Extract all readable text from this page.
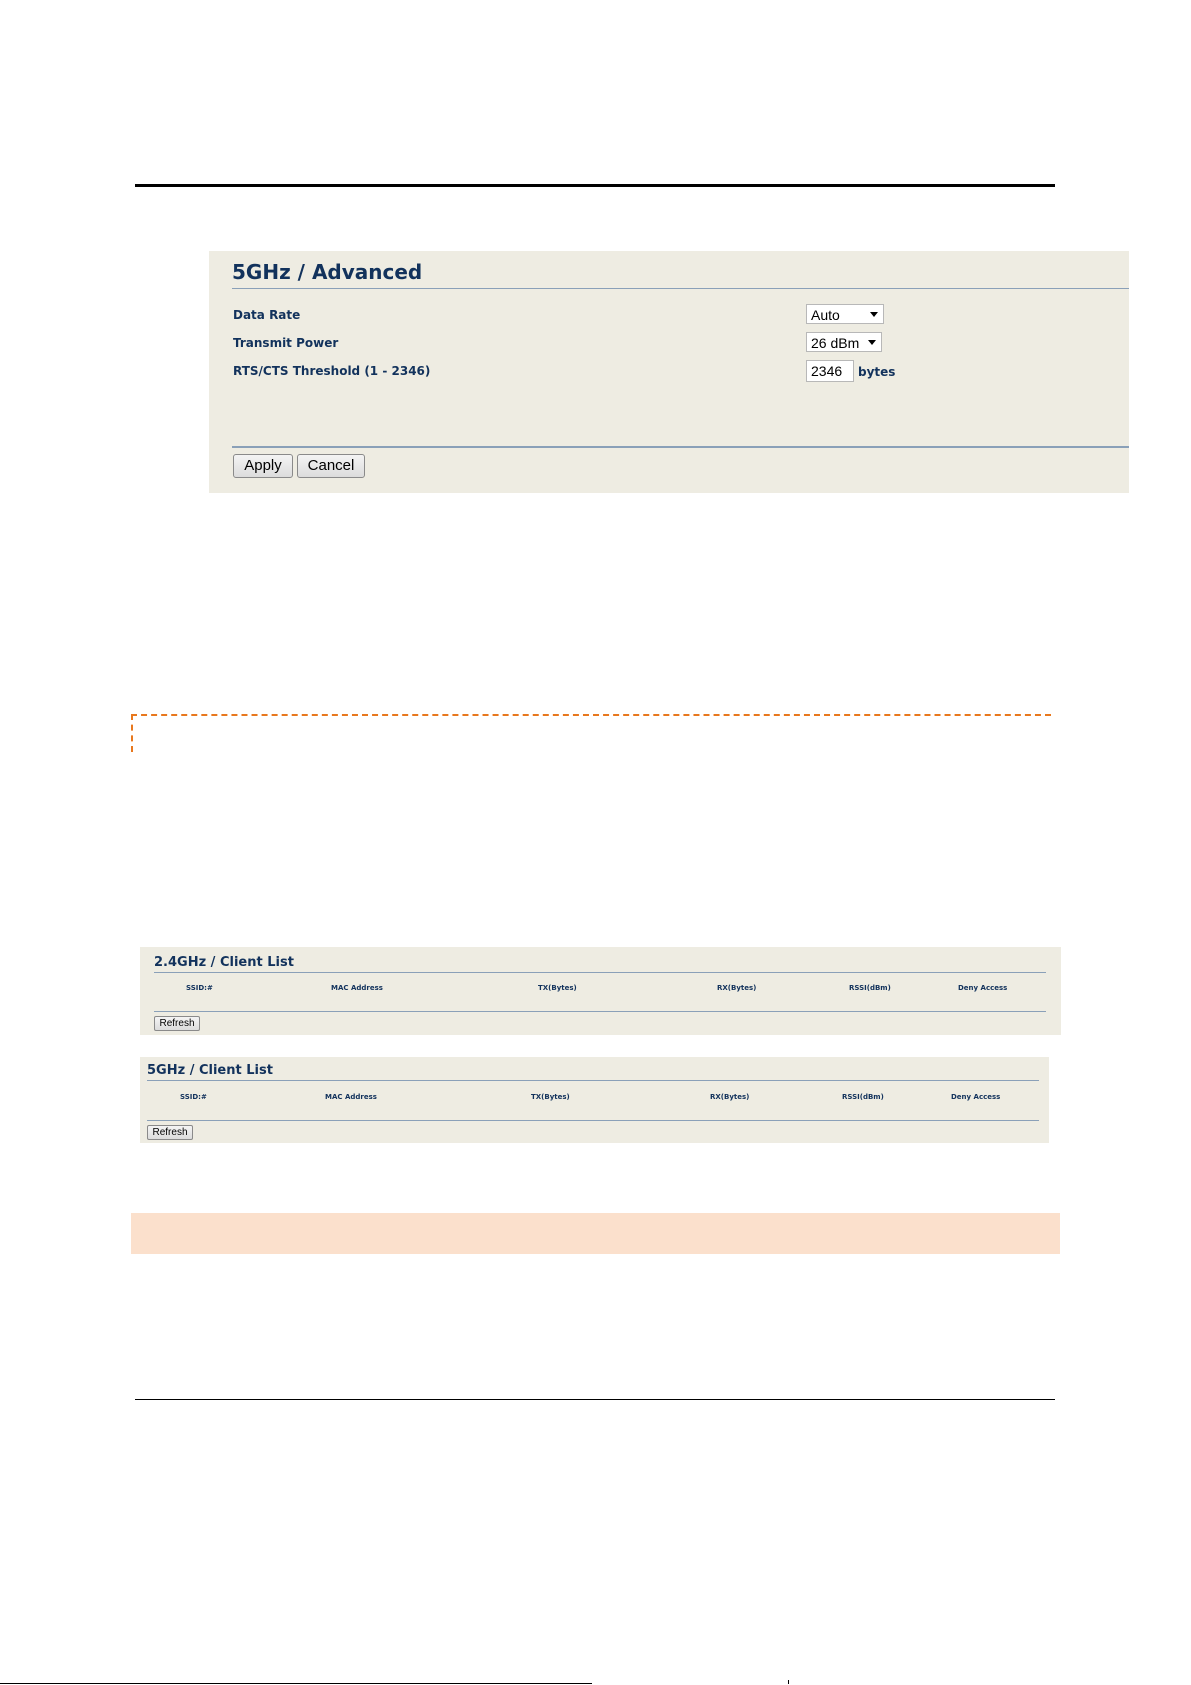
5GHz / Advanced
Data Rate	Auto
Transmit Power	26 dBm
RTS/CTS Threshold (1 - 2346)	2346	bytes
Apply	Cancel
2.4GHz / Client List
SSID:#	MAC Address	TX(Bytes)	RX(Bytes)	RSSI(dBm)	Deny Access
Refresh
5GHz / Client List
SSID:#	MAC Address	TX(Bytes)	RX(Bytes)	RSSI(dBm)	Deny Access
Refresh
